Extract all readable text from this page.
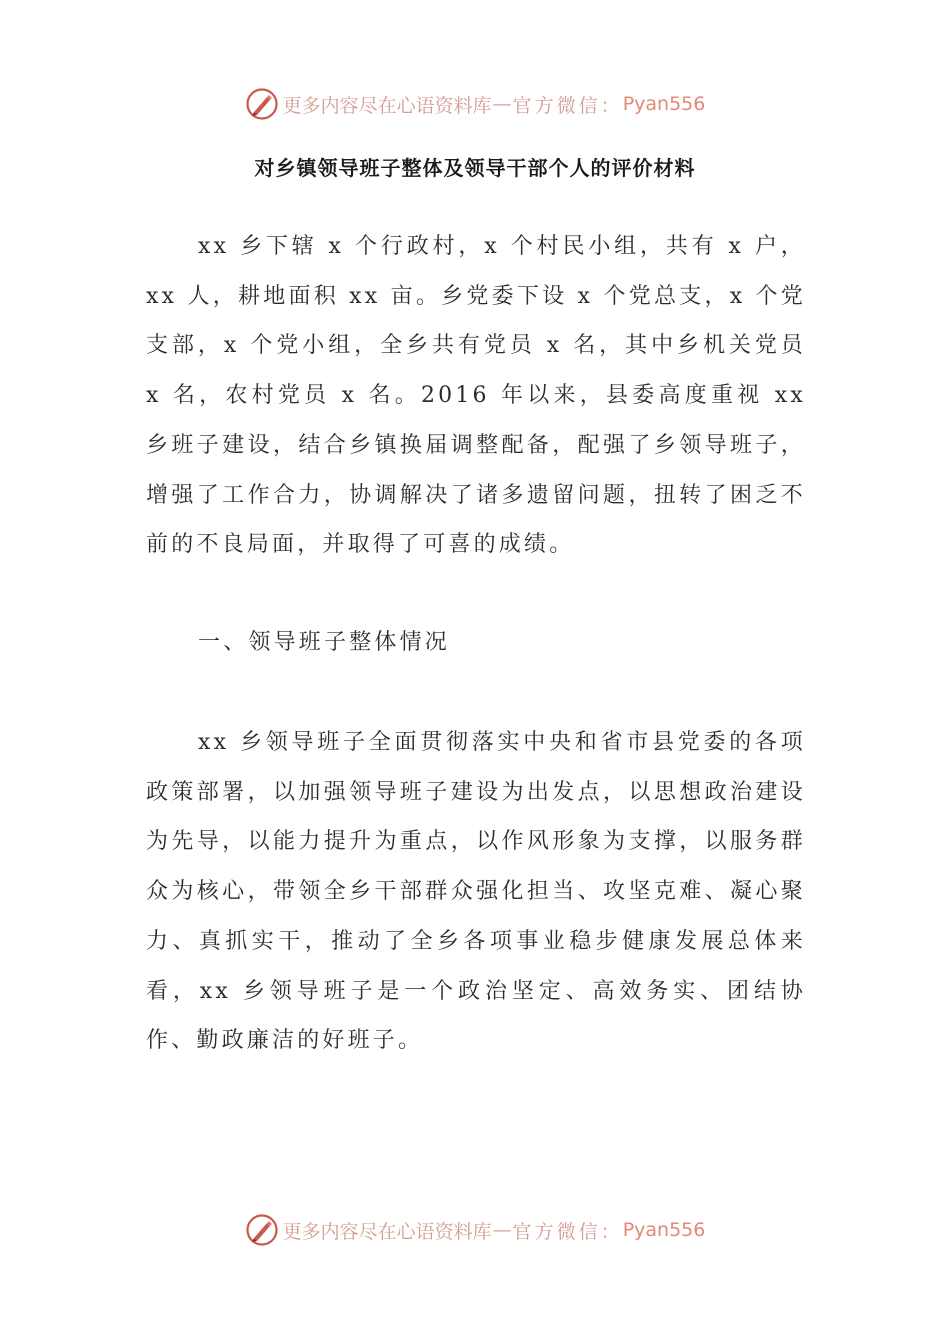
更多内容尽在心语资料库 — 官方微信： Pyan556
对乡镇领导班子整体及领导干部个人的评价材料
xx 乡下辖 x 个行政村，x 个村民小组，共有 x 户，xx 人，耕地面积 xx 亩。乡党委下设 x 个党总支，x 个党支部，x 个党小组，全乡共有党员 x 名，其中乡机关党员 x 名，农村党员 x 名。2016 年以来，县委高度重视 xx 乡班子建设，结合乡镇换届调整配备，配强了乡领导班子，增强了工作合力，协调解决了诸多遗留问题，扭转了困乏不前的不良局面，并取得了可喜的成绩。
一、领导班子整体情况
xx 乡领导班子全面贯彻落实中央和省市县党委的各项政策部署，以加强领导班子建设为出发点，以思想政治建设为先导，以能力提升为重点，以作风形象为支撑，以服务群众为核心，带领全乡干部群众强化担当、攻坚克难、凝心聚力、真抓实干，推动了全乡各项事业稳步健康发展总体来看，xx 乡领导班子是一个政治坚定、高效务实、团结协作、勤政廉洁的好班子。
更多内容尽在心语资料库 — 官方微信： Pyan556
